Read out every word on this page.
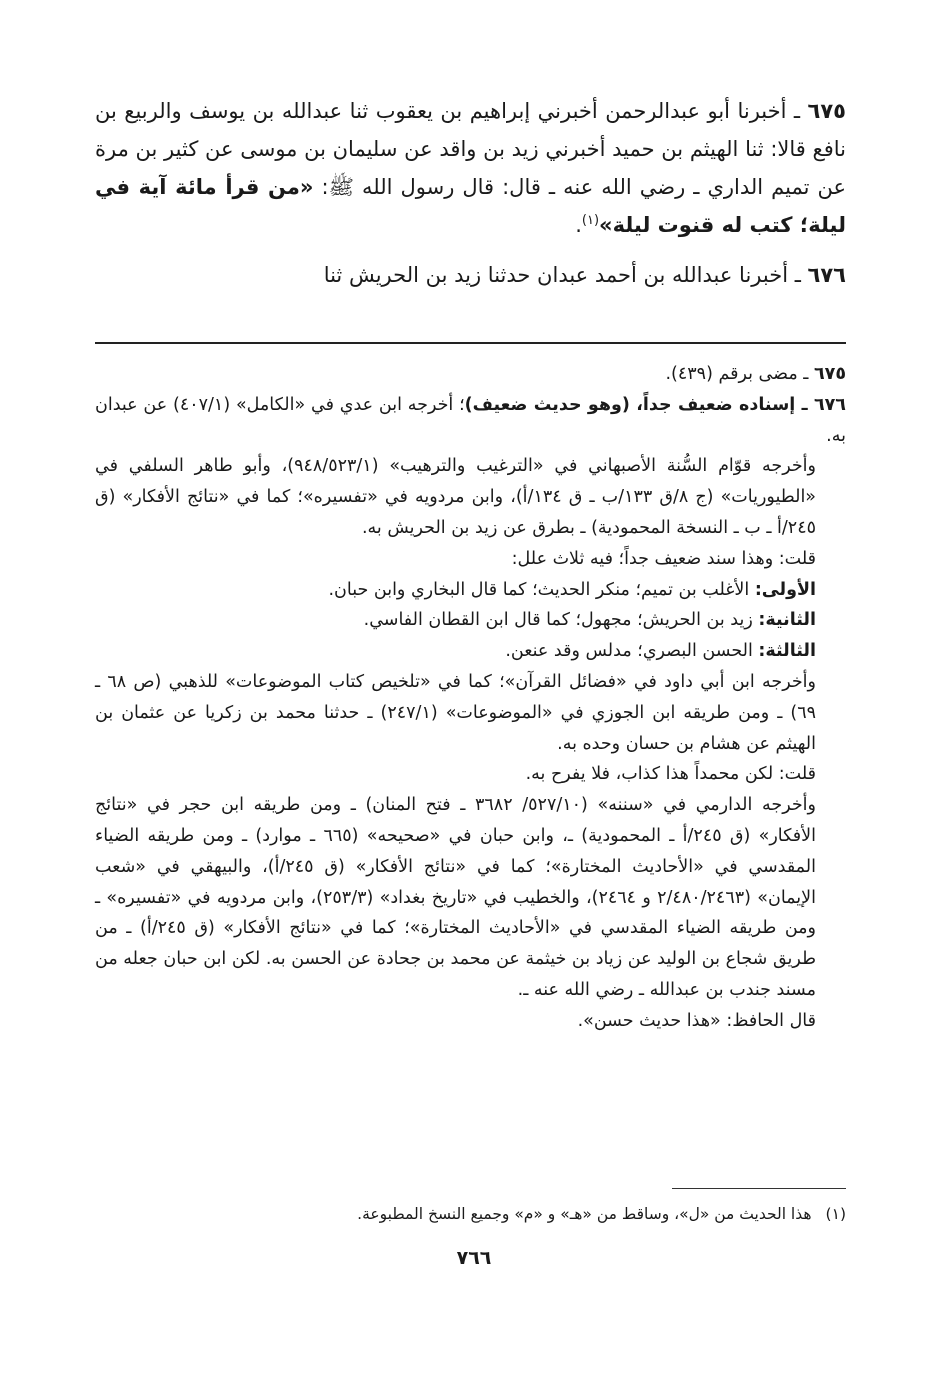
٦٧٥ ـ أخبرنا أبو عبدالرحمن أخبرني إبراهيم بن يعقوب ثنا عبدالله بن يوسف والربيع بن نافع قالا: ثنا الهيثم بن حميد أخبرني زيد بن واقد عن سليمان بن موسى عن كثير بن مرة عن تميم الداري ـ رضي الله عنه ـ قال: قال رسول الله ﷺ: «من قرأ مائة آية في ليلة؛ كتب له قنوت ليلة»$^{(١)}$.

٦٧٦ ـ أخبرنا عبدالله بن أحمد عبدان حدثنا زيد بن الحريش ثنا

٦٧٥ ـ مضى برقم (٤٣٩).

٦٧٦ ـ إسناده ضعيف جداً، (وهو حديث ضعيف)؛ أخرجه ابن عدي في «الكامل» (٤٠٧/١) عن عبدان به.

وأخرجه قوّام السُّنة الأصبهاني في «الترغيب والترهيب» (٩٤٨/٥٢٣/١)، وأبو طاهر السلفي في «الطيوريات» (ج ٨/ق ١٣٣/ب ـ ق ١٣٤/أ)، وابن مردويه في «تفسيره»؛ كما في «نتائج الأفكار» (ق ٢٤٥/أ ـ ب ـ النسخة المحمودية) ـ بطرق عن زيد بن الحريش به.

قلت: وهذا سند ضعيف جداً؛ فيه ثلاث علل:

الأولى: الأغلب بن تميم؛ منكر الحديث؛ كما قال البخاري وابن حبان.

الثانية: زيد بن الحريش؛ مجهول؛ كما قال ابن القطان الفاسي.

الثالثة: الحسن البصري؛ مدلس وقد عنعن.

وأخرجه ابن أبي داود في «فضائل القرآن»؛ كما في «تلخيص كتاب الموضوعات» للذهبي (ص ٦٨ ـ ٦٩) ـ ومن طريقه ابن الجوزي في «الموضوعات» (٢٤٧/١) ـ حدثنا محمد بن زكريا عن عثمان بن الهيثم عن هشام بن حسان وحده به.

قلت: لكن محمداً هذا كذاب، فلا يفرح به.

وأخرجه الدارمي في «سننه» (٥٢٧/١٠/ ٣٦٨٢ ـ فتح المنان) ـ ومن طريقه ابن حجر في «نتائج الأفكار» (ق ٢٤٥/أ ـ المحمودية) ـ، وابن حبان في «صحيحه» (٦٦٥ ـ موارد) ـ ومن طريقه الضياء المقدسي في «الأحاديث المختارة»؛ كما في «نتائج الأفكار» (ق ٢٤٥/أ)، والبيهقي في «شعب الإيمان» (٢/٤٨٠/٢٤٦٣ و ٢٤٦٤)، والخطيب في «تاريخ بغداد» (٢٥٣/٣)، وابن مردويه في «تفسيره» ـ ومن طريقه الضياء المقدسي في «الأحاديث المختارة»؛ كما في «نتائج الأفكار» (ق ٢٤٥/أ) ـ من طريق شجاع بن الوليد عن زياد بن خيثمة عن محمد بن جحادة عن الحسن به. لكن ابن حبان جعله من مسند جندب بن عبدالله ـ رضي الله عنه ـ.

قال الحافظ: «هذا حديث حسن».

(١)هذا الحديث من «ل»، وساقط من «هـ» و «م» وجميع النسخ المطبوعة.
٧٦٦
